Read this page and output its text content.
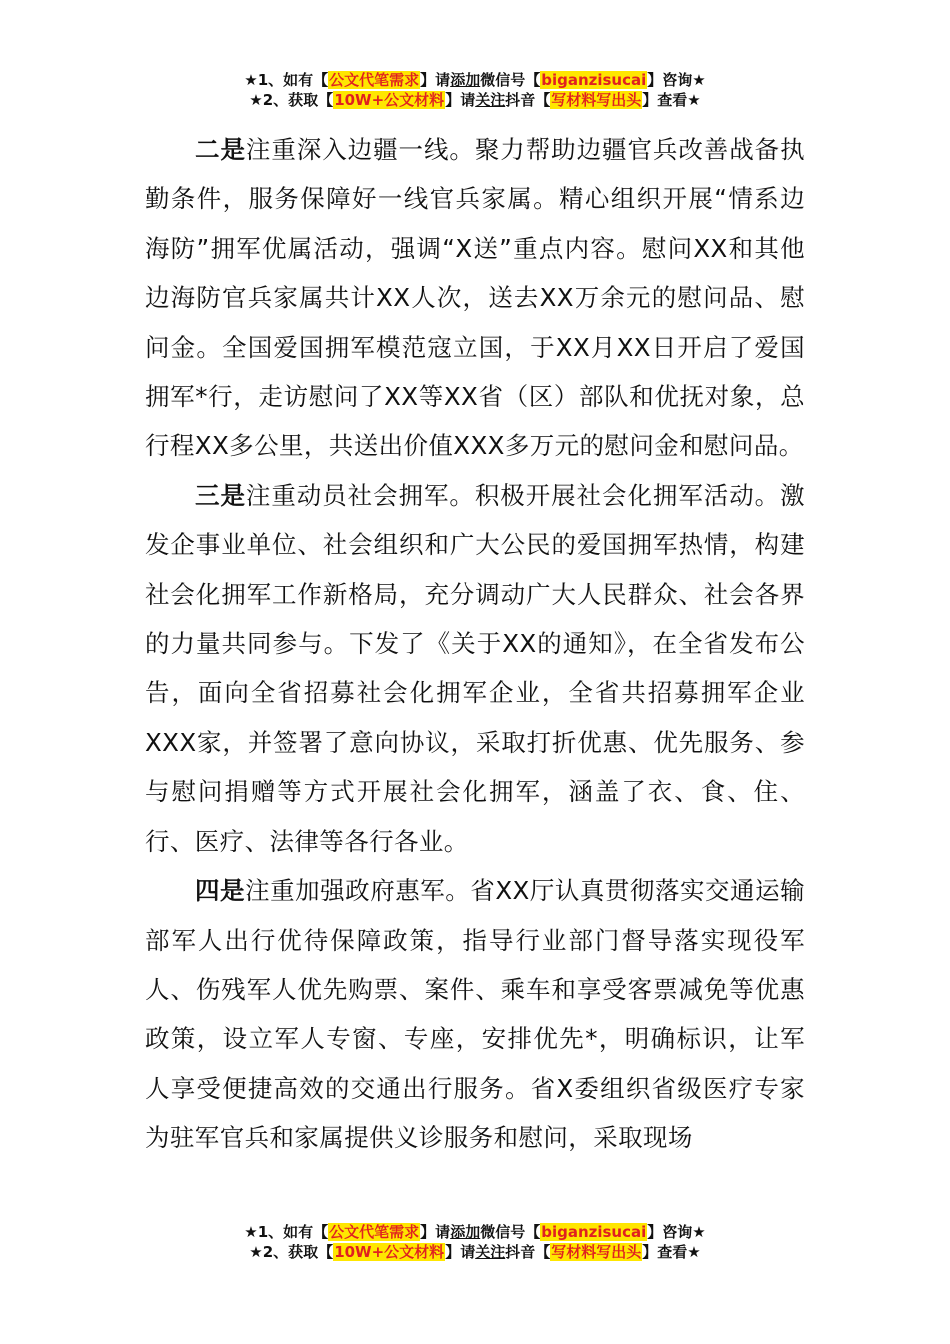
★1、如有【公文代笔需求】请添加微信号【biganzisucai】咨询★
★2、获取【10W+公文材料】请关注抖音【写材料写出头】查看★

二是注重深入边疆一线。聚力帮助边疆官兵改善战备执勤条件，服务保障好一线官兵家属。精心组织开展“情系边海防”拥军优属活动，强调“X送”重点内容。慰问XX和其他边海防官兵家属共计XX人次，送去XX万余元的慰问品、慰问金。全国爱国拥军模范寇立国，于XX月XX日开启了爱国拥军*行，走访慰问了XX等XX省（区）部队和优抚对象，总行程XX多公里，共送出价值XXX多万元的慰问金和慰问品。

三是注重动员社会拥军。积极开展社会化拥军活动。激发企事业单位、社会组织和广大公民的爱国拥军热情，构建社会化拥军工作新格局，充分调动广大人民群众、社会各界的力量共同参与。下发了《关于XX的通知》，在全省发布公告，面向全省招募社会化拥军企业，全省共招募拥军企业XXX家，并签署了意向协议，采取打折优惠、优先服务、参与慰问捐赠等方式开展社会化拥军，涵盖了衣、食、住、行、医疗、法律等各行各业。

四是注重加强政府惠军。省XX厅认真贯彻落实交通运输部军人出行优待保障政策，指导行业部门督导落实现役军人、伤残军人优先购票、案件、乘车和享受客票减免等优惠政策，设立军人专窗、专座，安排优先*，明确标识，让军人享受便捷高效的交通出行服务。省X委组织省级医疗专家为驻军官兵和家属提供义诊服务和慰问，采取现场

★1、如有【公文代笔需求】请添加微信号【biganzisucai】咨询★
★2、获取【10W+公文材料】请关注抖音【写材料写出头】查看★
